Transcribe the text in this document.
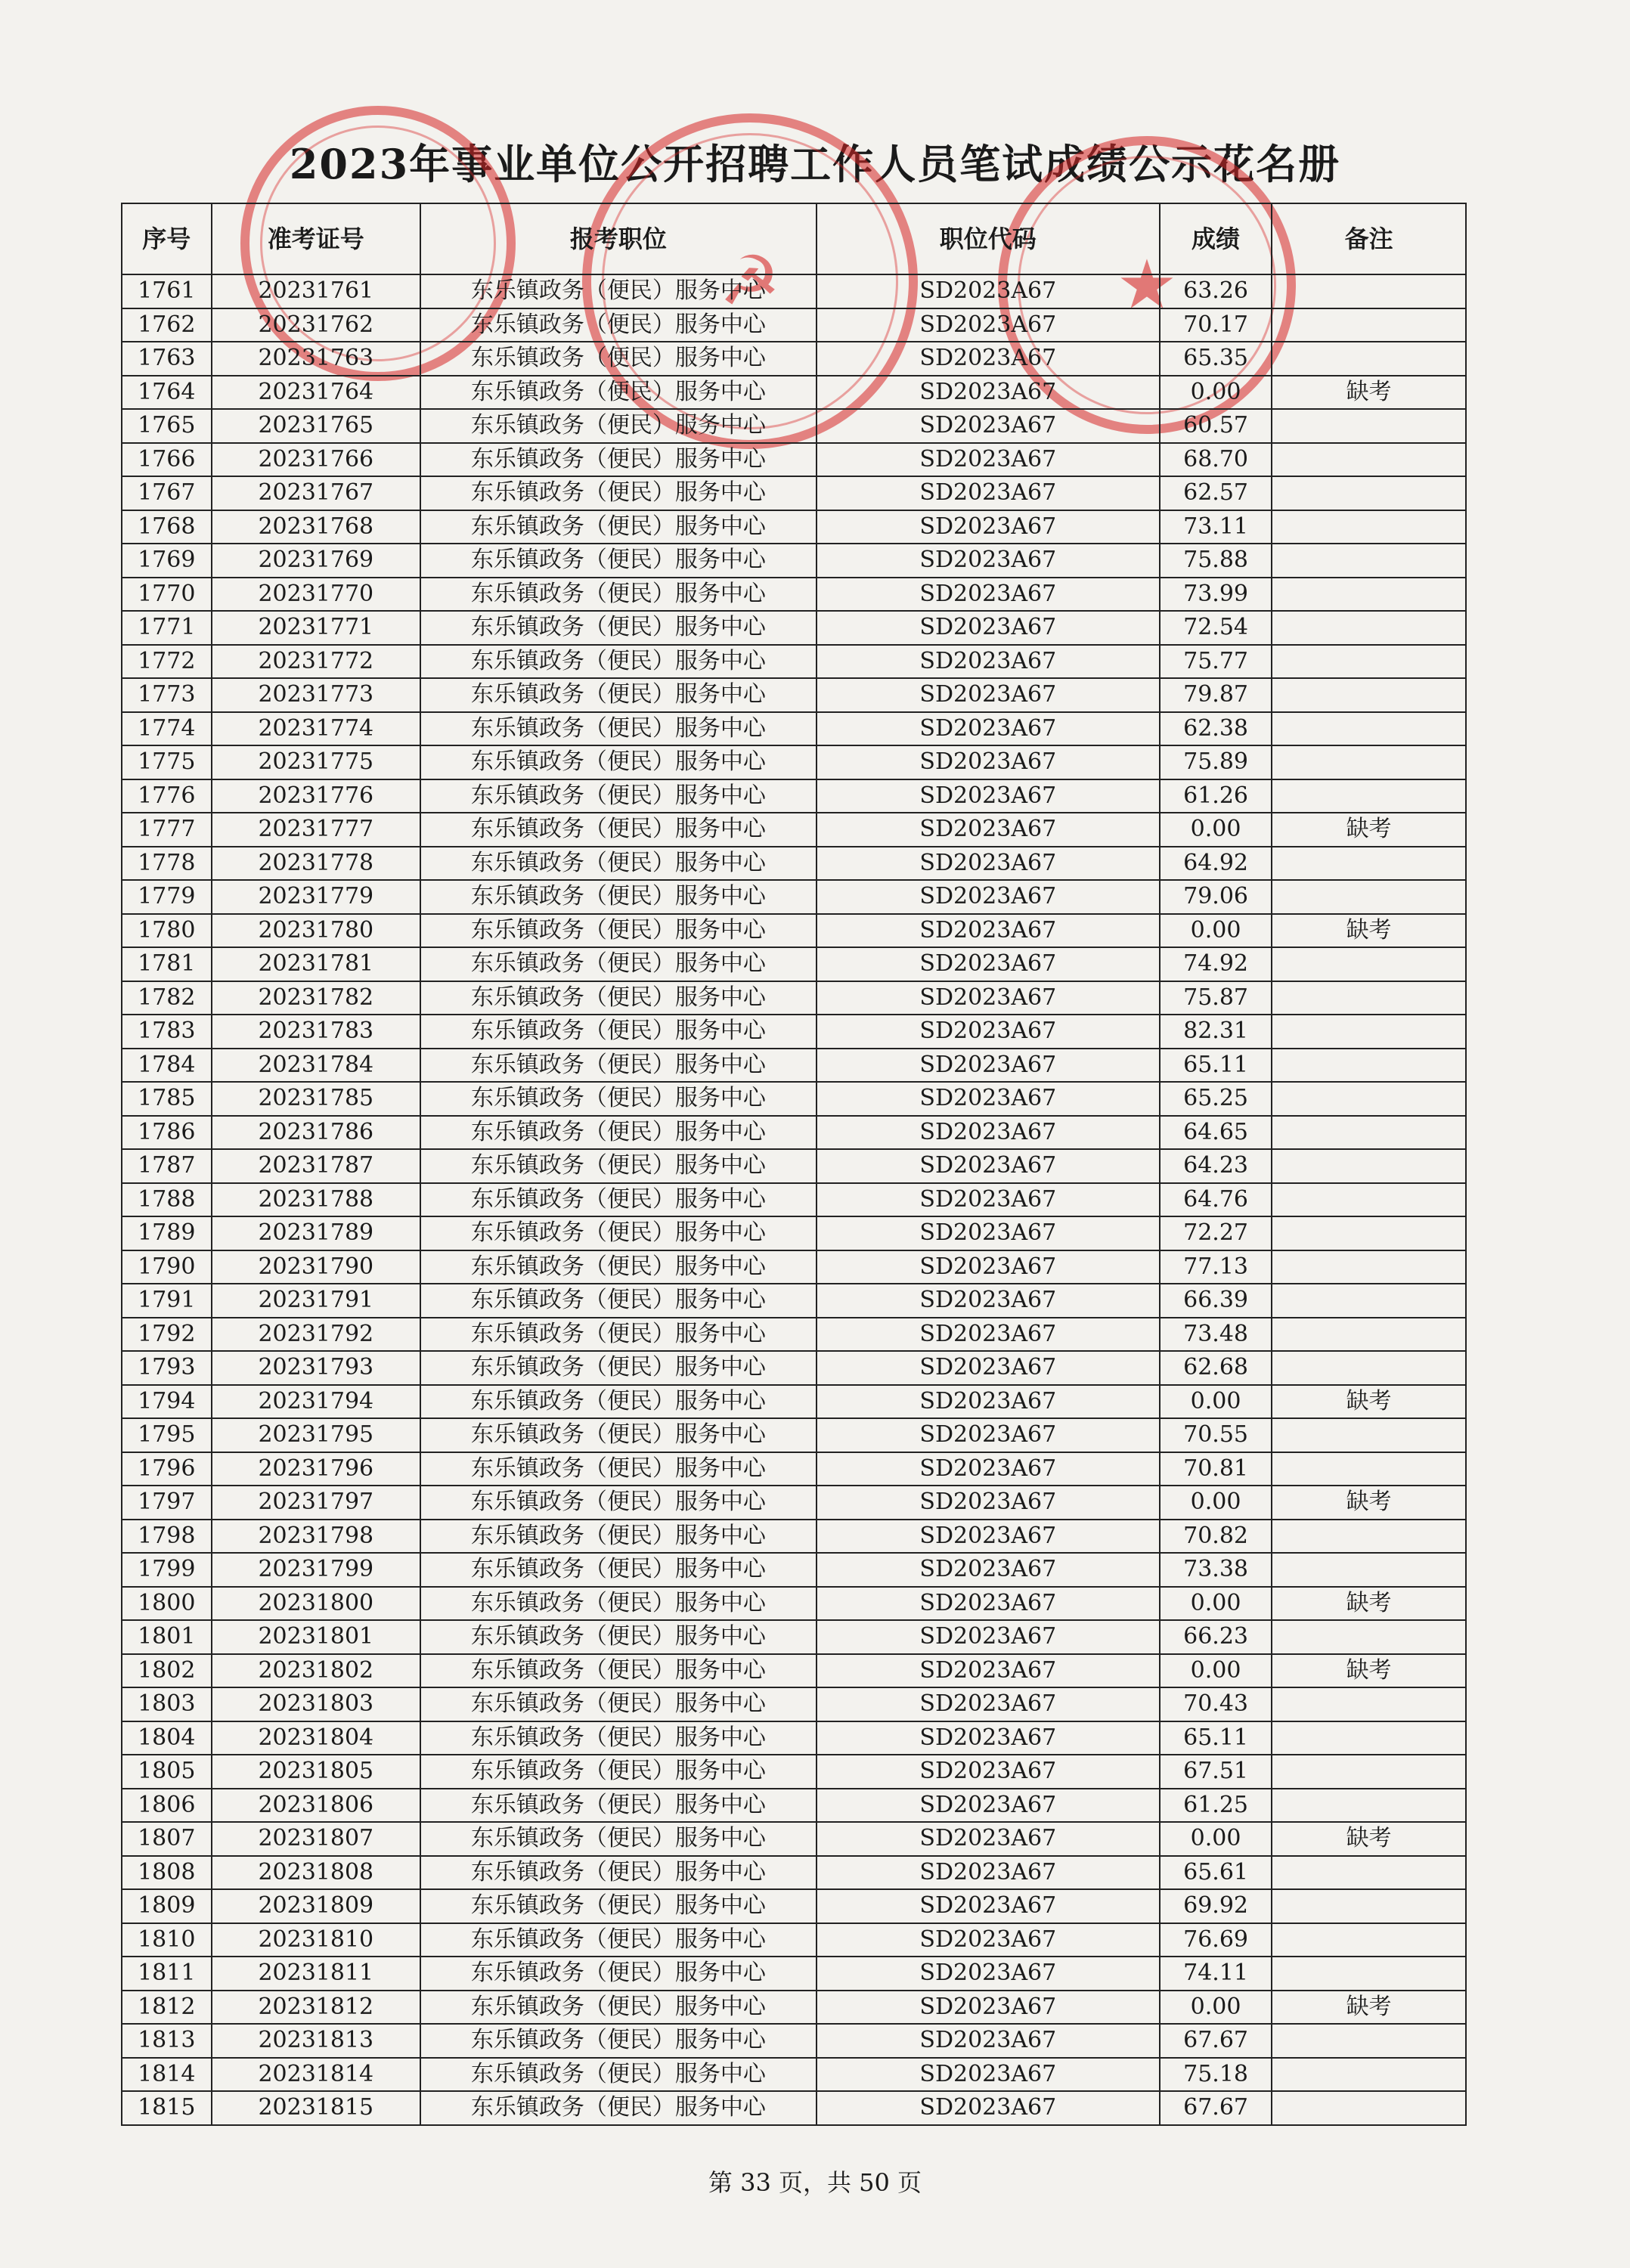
2023年事业单位公开招聘工作人员笔试成绩公示花名册
☭	★
序号	准考证号	报考职位	职位代码	成绩	备注
1761	20231761	东乐镇政务（便民）服务中心	SD2023A67	63.26	
1762	20231762	东乐镇政务（便民）服务中心	SD2023A67	70.17	
1763	20231763	东乐镇政务（便民）服务中心	SD2023A67	65.35	
1764	20231764	东乐镇政务（便民）服务中心	SD2023A67	0.00	缺考
1765	20231765	东乐镇政务（便民）服务中心	SD2023A67	60.57	
1766	20231766	东乐镇政务（便民）服务中心	SD2023A67	68.70	
1767	20231767	东乐镇政务（便民）服务中心	SD2023A67	62.57	
1768	20231768	东乐镇政务（便民）服务中心	SD2023A67	73.11	
1769	20231769	东乐镇政务（便民）服务中心	SD2023A67	75.88	
1770	20231770	东乐镇政务（便民）服务中心	SD2023A67	73.99	
1771	20231771	东乐镇政务（便民）服务中心	SD2023A67	72.54	
1772	20231772	东乐镇政务（便民）服务中心	SD2023A67	75.77	
1773	20231773	东乐镇政务（便民）服务中心	SD2023A67	79.87	
1774	20231774	东乐镇政务（便民）服务中心	SD2023A67	62.38	
1775	20231775	东乐镇政务（便民）服务中心	SD2023A67	75.89	
1776	20231776	东乐镇政务（便民）服务中心	SD2023A67	61.26	
1777	20231777	东乐镇政务（便民）服务中心	SD2023A67	0.00	缺考
1778	20231778	东乐镇政务（便民）服务中心	SD2023A67	64.92	
1779	20231779	东乐镇政务（便民）服务中心	SD2023A67	79.06	
1780	20231780	东乐镇政务（便民）服务中心	SD2023A67	0.00	缺考
1781	20231781	东乐镇政务（便民）服务中心	SD2023A67	74.92	
1782	20231782	东乐镇政务（便民）服务中心	SD2023A67	75.87	
1783	20231783	东乐镇政务（便民）服务中心	SD2023A67	82.31	
1784	20231784	东乐镇政务（便民）服务中心	SD2023A67	65.11	
1785	20231785	东乐镇政务（便民）服务中心	SD2023A67	65.25	
1786	20231786	东乐镇政务（便民）服务中心	SD2023A67	64.65	
1787	20231787	东乐镇政务（便民）服务中心	SD2023A67	64.23	
1788	20231788	东乐镇政务（便民）服务中心	SD2023A67	64.76	
1789	20231789	东乐镇政务（便民）服务中心	SD2023A67	72.27	
1790	20231790	东乐镇政务（便民）服务中心	SD2023A67	77.13	
1791	20231791	东乐镇政务（便民）服务中心	SD2023A67	66.39	
1792	20231792	东乐镇政务（便民）服务中心	SD2023A67	73.48	
1793	20231793	东乐镇政务（便民）服务中心	SD2023A67	62.68	
1794	20231794	东乐镇政务（便民）服务中心	SD2023A67	0.00	缺考
1795	20231795	东乐镇政务（便民）服务中心	SD2023A67	70.55	
1796	20231796	东乐镇政务（便民）服务中心	SD2023A67	70.81	
1797	20231797	东乐镇政务（便民）服务中心	SD2023A67	0.00	缺考
1798	20231798	东乐镇政务（便民）服务中心	SD2023A67	70.82	
1799	20231799	东乐镇政务（便民）服务中心	SD2023A67	73.38	
1800	20231800	东乐镇政务（便民）服务中心	SD2023A67	0.00	缺考
1801	20231801	东乐镇政务（便民）服务中心	SD2023A67	66.23	
1802	20231802	东乐镇政务（便民）服务中心	SD2023A67	0.00	缺考
1803	20231803	东乐镇政务（便民）服务中心	SD2023A67	70.43	
1804	20231804	东乐镇政务（便民）服务中心	SD2023A67	65.11	
1805	20231805	东乐镇政务（便民）服务中心	SD2023A67	67.51	
1806	20231806	东乐镇政务（便民）服务中心	SD2023A67	61.25	
1807	20231807	东乐镇政务（便民）服务中心	SD2023A67	0.00	缺考
1808	20231808	东乐镇政务（便民）服务中心	SD2023A67	65.61	
1809	20231809	东乐镇政务（便民）服务中心	SD2023A67	69.92	
1810	20231810	东乐镇政务（便民）服务中心	SD2023A67	76.69	
1811	20231811	东乐镇政务（便民）服务中心	SD2023A67	74.11	
1812	20231812	东乐镇政务（便民）服务中心	SD2023A67	0.00	缺考
1813	20231813	东乐镇政务（便民）服务中心	SD2023A67	67.67	
1814	20231814	东乐镇政务（便民）服务中心	SD2023A67	75.18	
1815	20231815	东乐镇政务（便民）服务中心	SD2023A67	67.67	
第 33 页，共 50 页
